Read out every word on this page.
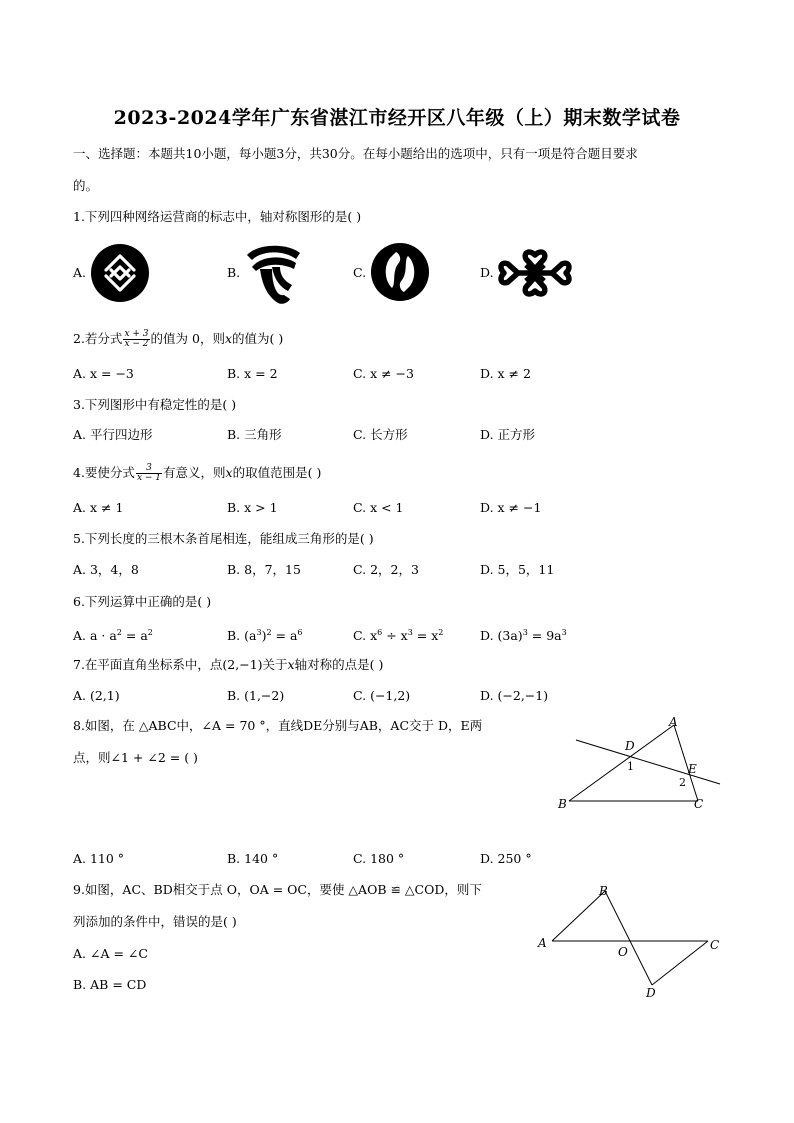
2023-2024学年广东省湛江市经开区八年级（上）期末数学试卷
一、选择题：本题共10小题，每小题3分，共30分。在每小题给出的选项中，只有一项是符合题目要求
的。
1.下列四种网络运营商的标志中，轴对称图形的是( )
A.	B.	C.	D.
2.若分式 $\frac{x + 3}{x - 2}$ 的值为 0，则x的值为( )
A. x = −3	B. x = 2	C. x ≠ −3	D. x ≠ 2
3.下列图形中有稳定性的是( )
A. 平行四边形	B. 三角形	C. 长方形	D. 正方形
4.要使分式 $\frac{3}{x - 1}$ 有意义，则x的取值范围是( )
A. x ≠ 1	B. x > 1	C. x < 1	D. x ≠ −1
5.下列长度的三根木条首尾相连，能组成三角形的是( )
A. 3，4，8	B. 8，7，15	C. 2，2，3	D. 5，5，11
6.下列运算中正确的是( )
A. $a \cdot a^2 = a^2$	B. $(a^3)^2 = a^6$	C. $x^6 \div x^3 = x^2$	D. $(3a)^3 = 9a^3$
7.在平面直角坐标系中，点(2,−1)关于x轴对称的点是( )
A. (2,1)	B. (1,−2)	C. (−1,2)	D. (−2,−1)
8.如图，在 △ABC中，∠A = 70 °，直线DE分别与AB，AC交于 D，E两
点，则∠1 + ∠2 = ( )
A
D
E
B	C
1
2
A. 110 °	B. 140 °	C. 180 °	D. 250 °
9.如图，AC、BD相交于点 O，OA = OC，要使 △AOB ≌ △COD，则下
列添加的条件中，错误的是( )
A. ∠A = ∠C
B. AB = CD
B
A
O	C
D
